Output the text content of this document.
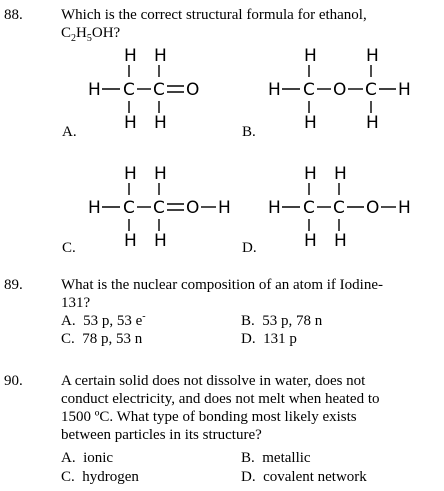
88.	Which is the correct structural formula for ethanol,
$C_2H_5OH$?
H H
H C C O
H H
A.
H	H
H C O C H
H	H
B.
H H
H C C O H
H H
C.
H H
H C C O H
H H
D.
89.	What is the nuclear composition of an atom if Iodine-
131?
A. 53 p, 53 e-	B. 53 p, 78 n
C. 78 p, 53 n	D. 131 p
90.	A certain solid does not dissolve in water, does not
conduct electricity, and does not melt when heated to
1500 ºC. What type of bonding most likely exists
between particles in its structure?
A. ionic	B. metallic
C. hydrogen	D. covalent network
